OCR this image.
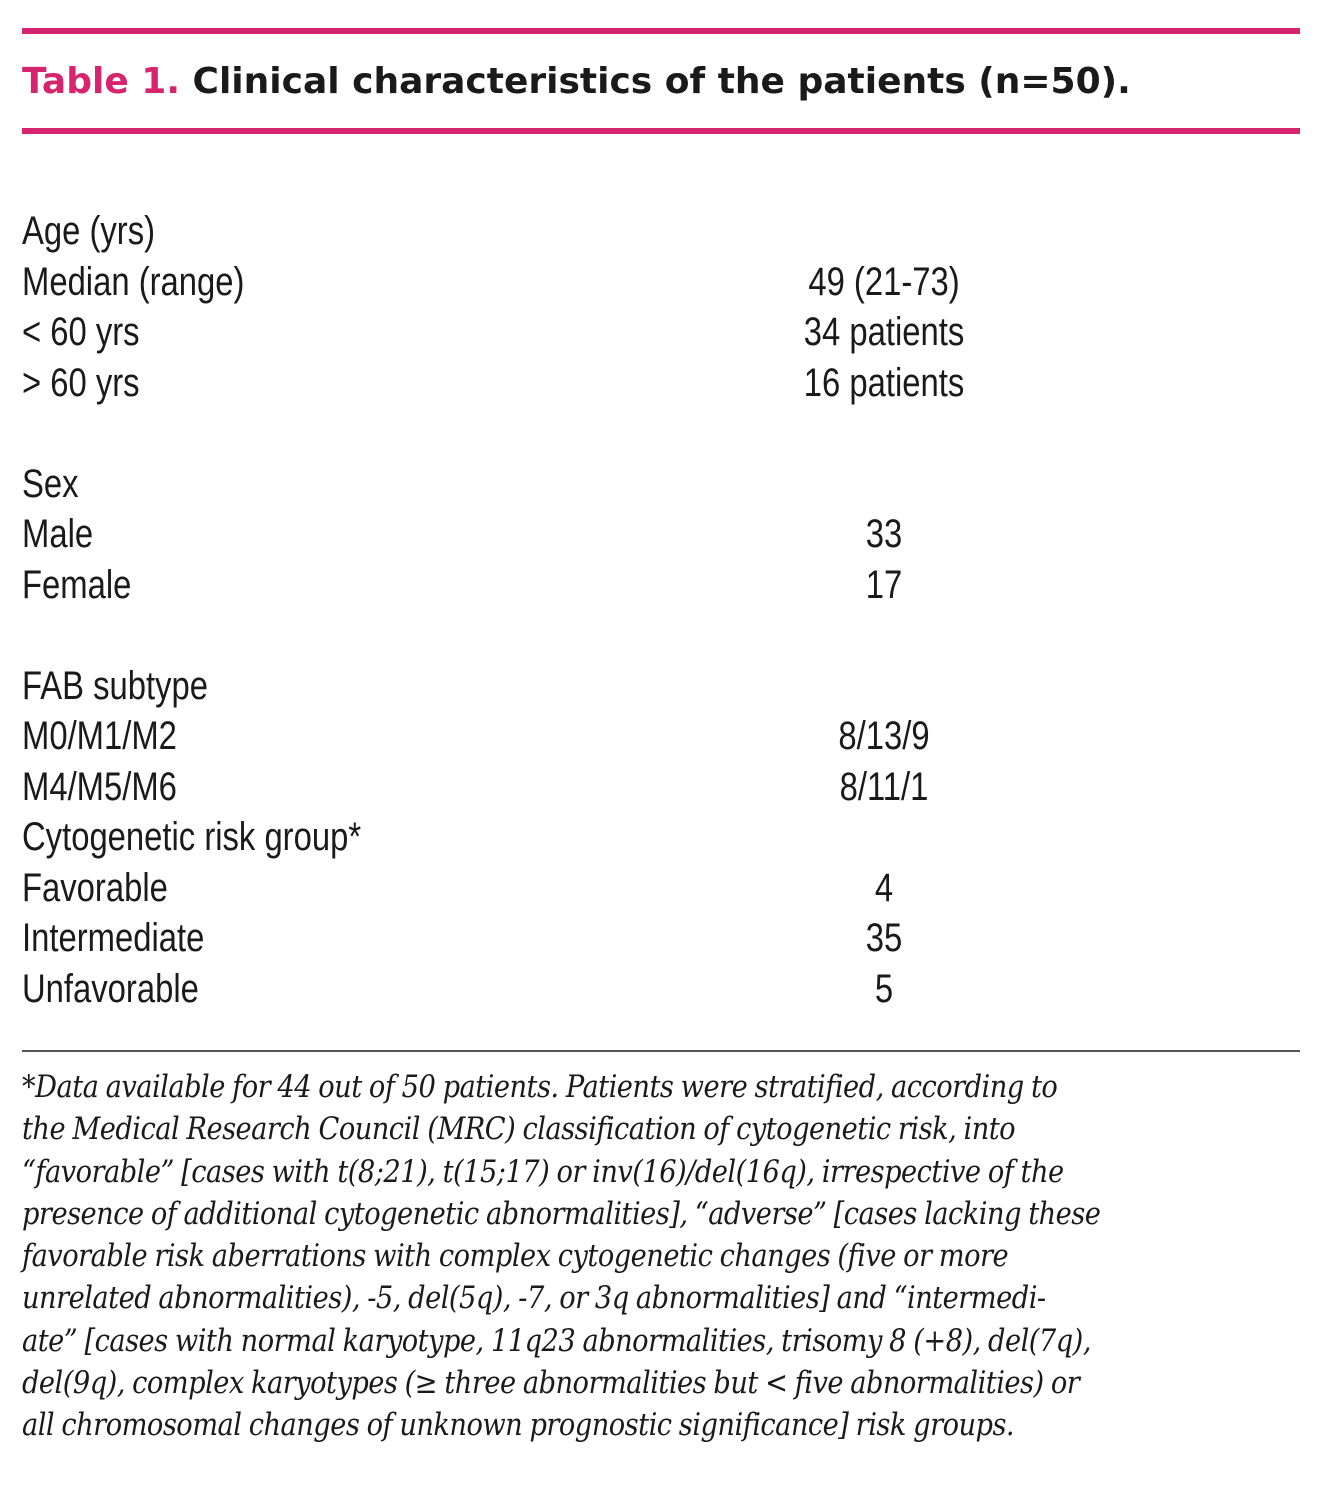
Table 1. Clinical characteristics of the patients (n=50).
Age (yrs)
Median (range)	49 (21-73)
< 60 yrs	34 patients
> 60 yrs	16 patients
Sex
Male	33
Female	17
FAB subtype
M0/M1/M2	8/13/9
M4/M5/M6	8/11/1
Cytogenetic risk group*
Favorable	4
Intermediate	35
Unfavorable	5
*Data available for 44 out of 50 patients. Patients were stratified, according to
the Medical Research Council (MRC) classification of cytogenetic risk, into
“favorable” [cases with t(8;21), t(15;17) or inv(16)/del(16q), irrespective of the
presence of additional cytogenetic abnormalities], “adverse” [cases lacking these
favorable risk aberrations with complex cytogenetic changes (five or more
unrelated abnormalities), -5, del(5q), -7, or 3q abnormalities] and “intermedi-
ate” [cases with normal karyotype, 11q23 abnormalities, trisomy 8 (+8), del(7q),
del(9q), complex karyotypes (≥ three abnormalities but < five abnormalities) or
all chromosomal changes of unknown prognostic significance] risk groups.
